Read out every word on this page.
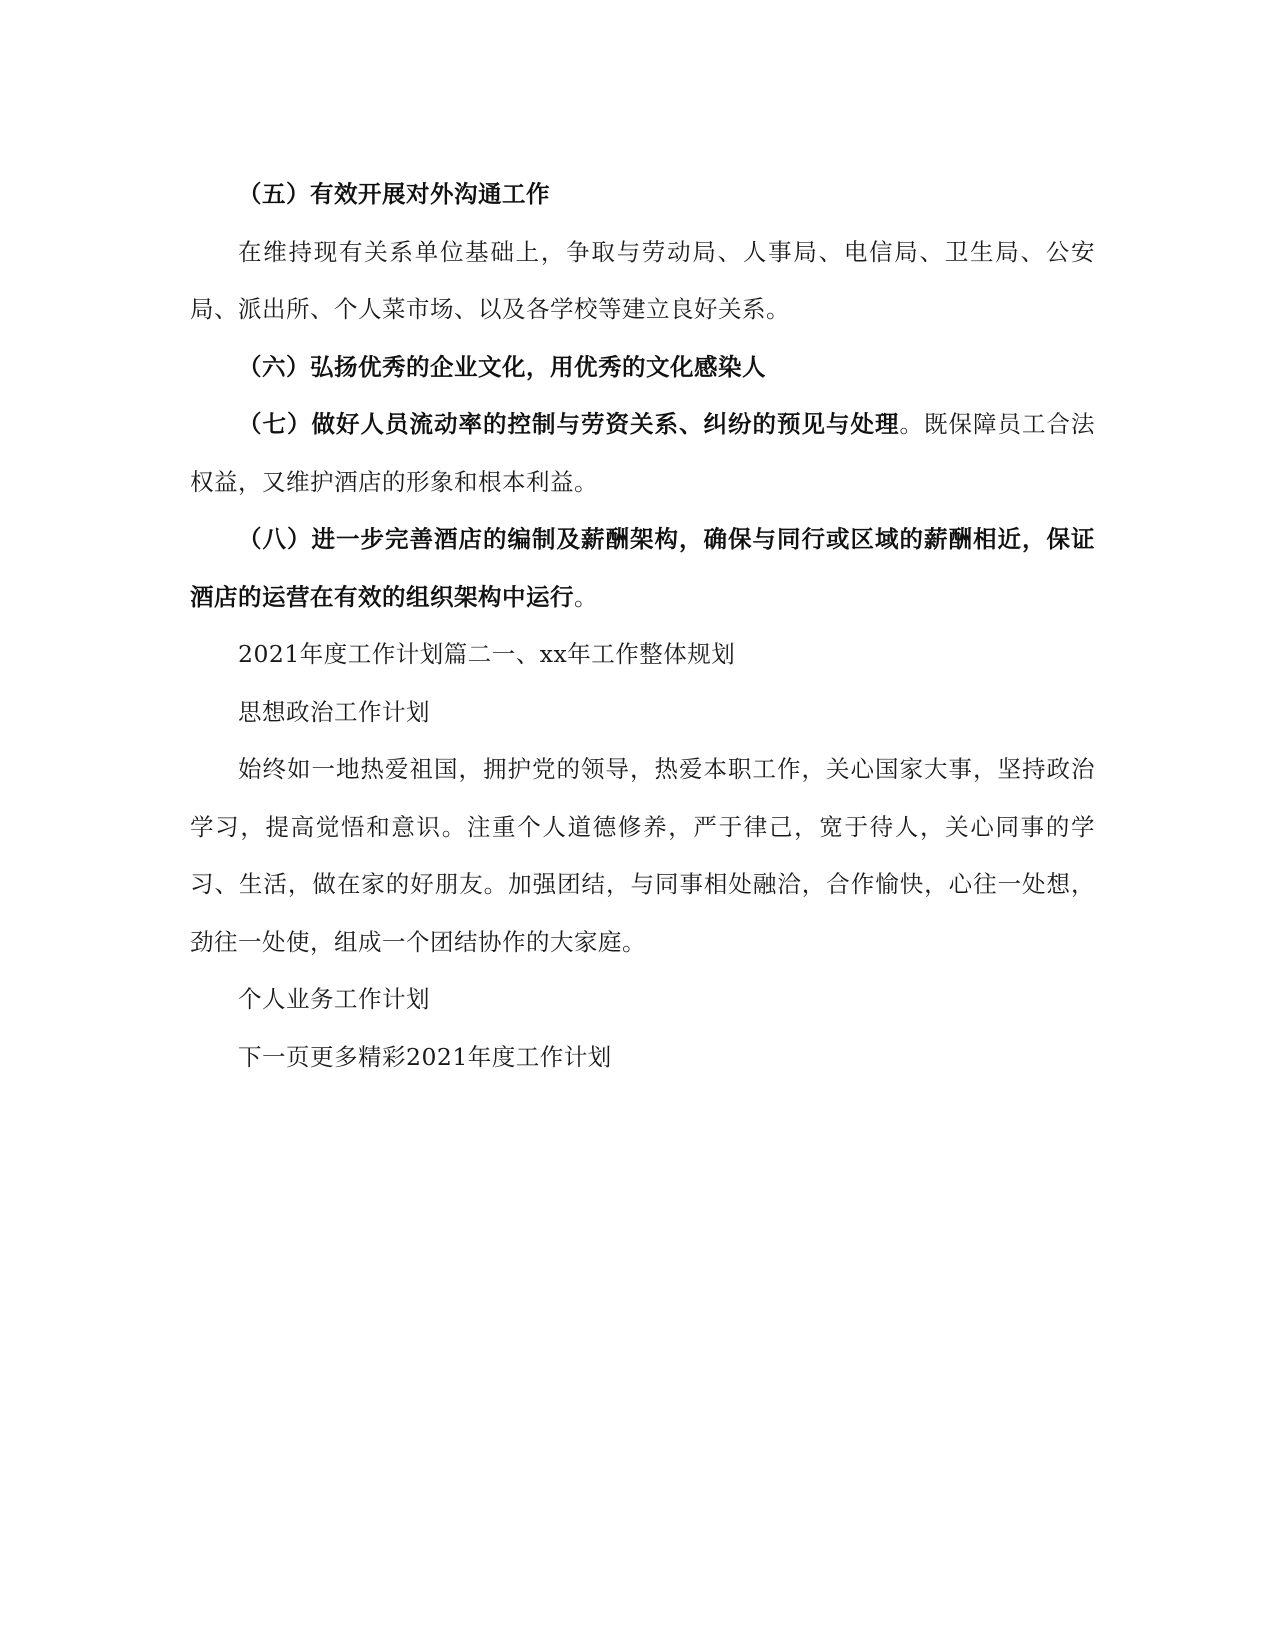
（五）有效开展对外沟通工作

在维持现有关系单位基础上，争取与劳动局、人事局、电信局、卫生局、公安局、派出所、个人菜市场、以及各学校等建立良好关系。

（六）弘扬优秀的企业文化，用优秀的文化感染人

（七）做好人员流动率的控制与劳资关系、纠纷的预见与处理。既保障员工合法权益，又维护酒店的形象和根本利益。

（八）进一步完善酒店的编制及薪酬架构，确保与同行或区域的薪酬相近，保证酒店的运营在有效的组织架构中运行。

2021年度工作计划篇二一、xx年工作整体规划

思想政治工作计划

始终如一地热爱祖国，拥护党的领导，热爱本职工作，关心国家大事，坚持政治学习，提高觉悟和意识。注重个人道德修养，严于律己，宽于待人，关心同事的学习、生活，做在家的好朋友。加强团结，与同事相处融洽，合作愉快，心往一处想，劲往一处使，组成一个团结协作的大家庭。

个人业务工作计划

下一页更多精彩2021年度工作计划
